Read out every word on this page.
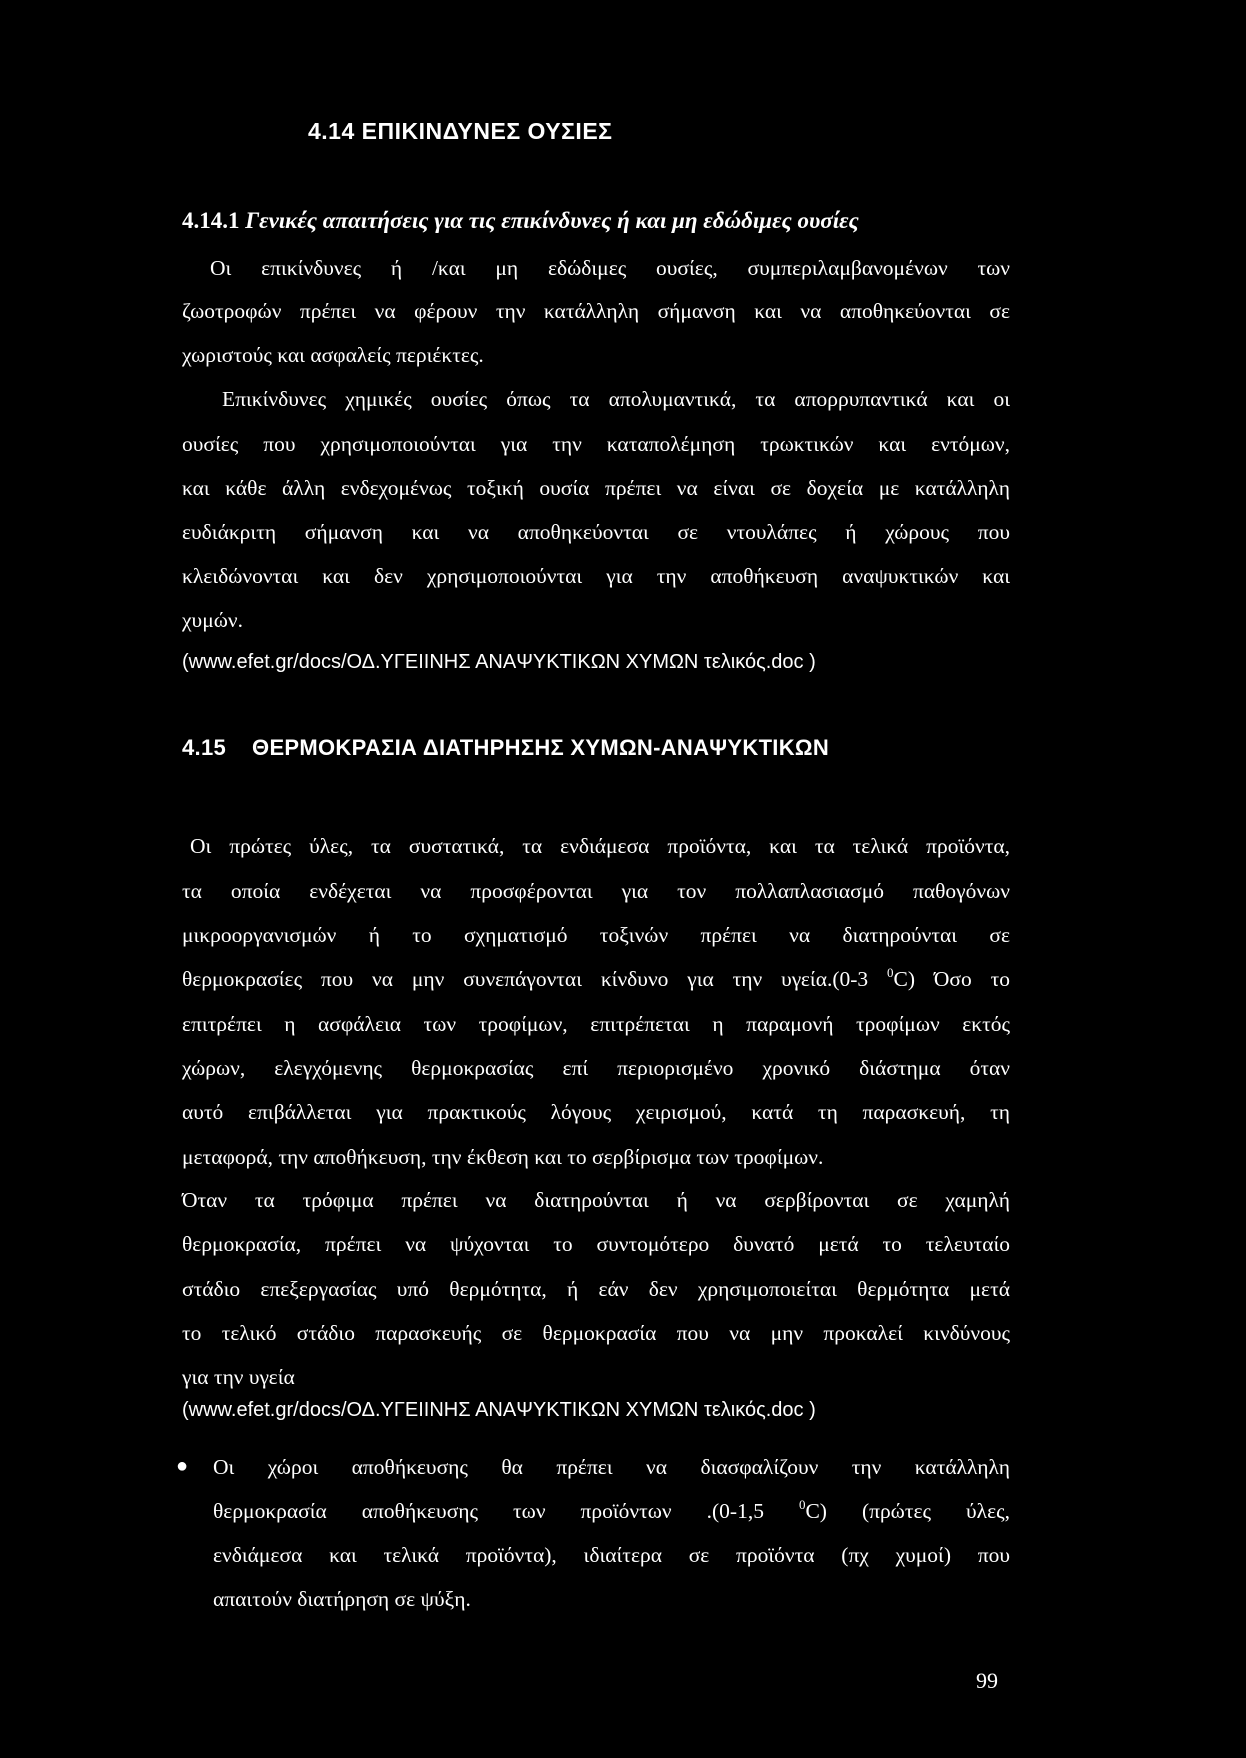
4.14 ΕΠΙΚΙΝΔΥΝΕΣ ΟΥΣΙΕΣ
4.14.1 Γενικές απαιτήσεις για τις επικίνδυνες ή και μη εδώδιμες ουσίες
Οι επικίνδυνες ή /και μη εδώδιμες ουσίες, συμπεριλαμβανομένων των
ζωοτροφών πρέπει να φέρουν την κατάλληλη σήμανση και να αποθηκεύονται σε
χωριστούς και ασφαλείς περιέκτες.
Επικίνδυνες χημικές ουσίες όπως τα απολυμαντικά, τα απορρυπαντικά και οι
ουσίες που χρησιμοποιούνται για την καταπολέμηση τρωκτικών και εντόμων,
και κάθε άλλη ενδεχομένως τοξική ουσία πρέπει να είναι σε δοχεία με κατάλληλη
ευδιάκριτη σήμανση και να αποθηκεύονται σε ντουλάπες ή χώρους που
κλειδώνονται και δεν χρησιμοποιούνται για την αποθήκευση αναψυκτικών και
χυμών.
(www.efet.gr/docs/ΟΔ.ΥΓΕΙΙΝΗΣ ΑΝΑΨΥΚΤΙΚΩΝ ΧΥΜΩΝ τελικός.doc )
4.15 ΘΕΡΜΟΚΡΑΣΙΑ ΔΙΑΤΗΡΗΣΗΣ ΧΥΜΩΝ-ΑΝΑΨΥΚΤΙΚΩΝ
Οι πρώτες ύλες, τα συστατικά, τα ενδιάμεσα προϊόντα, και τα τελικά προϊόντα,
τα οποία ενδέχεται να προσφέρονται για τον πολλαπλασιασμό παθογόνων
μικροοργανισμών ή το σχηματισμό τοξινών πρέπει να διατηρούνται σε
θερμοκρασίες που να μην συνεπάγονται κίνδυνο για την υγεία.(0-3 $^0$C) Όσο το
επιτρέπει η ασφάλεια των τροφίμων, επιτρέπεται η παραμονή τροφίμων εκτός
χώρων, ελεγχόμενης θερμοκρασίας επί περιορισμένο χρονικό διάστημα όταν
αυτό επιβάλλεται για πρακτικούς λόγους χειρισμού, κατά τη παρασκευή, τη
μεταφορά, την αποθήκευση, την έκθεση και το σερβίρισμα των τροφίμων.
Όταν τα τρόφιμα πρέπει να διατηρούνται ή να σερβίρονται σε χαμηλή
θερμοκρασία, πρέπει να ψύχονται το συντομότερο δυνατό μετά το τελευταίο
στάδιο επεξεργασίας υπό θερμότητα, ή εάν δεν χρησιμοποιείται θερμότητα μετά
το τελικό στάδιο παρασκευής σε θερμοκρασία που να μην προκαλεί κινδύνους
για την υγεία
(www.efet.gr/docs/ΟΔ.ΥΓΕΙΙΝΗΣ ΑΝΑΨΥΚΤΙΚΩΝ ΧΥΜΩΝ τελικός.doc )
● Οι χώροι αποθήκευσης θα πρέπει να διασφαλίζουν την κατάλληλη
θερμοκρασία αποθήκευσης των προϊόντων .(0-1,5 $^0$C) (πρώτες ύλες,
ενδιάμεσα και τελικά προϊόντα), ιδιαίτερα σε προϊόντα (πχ χυμοί) που
απαιτούν διατήρηση σε ψύξη.
99
